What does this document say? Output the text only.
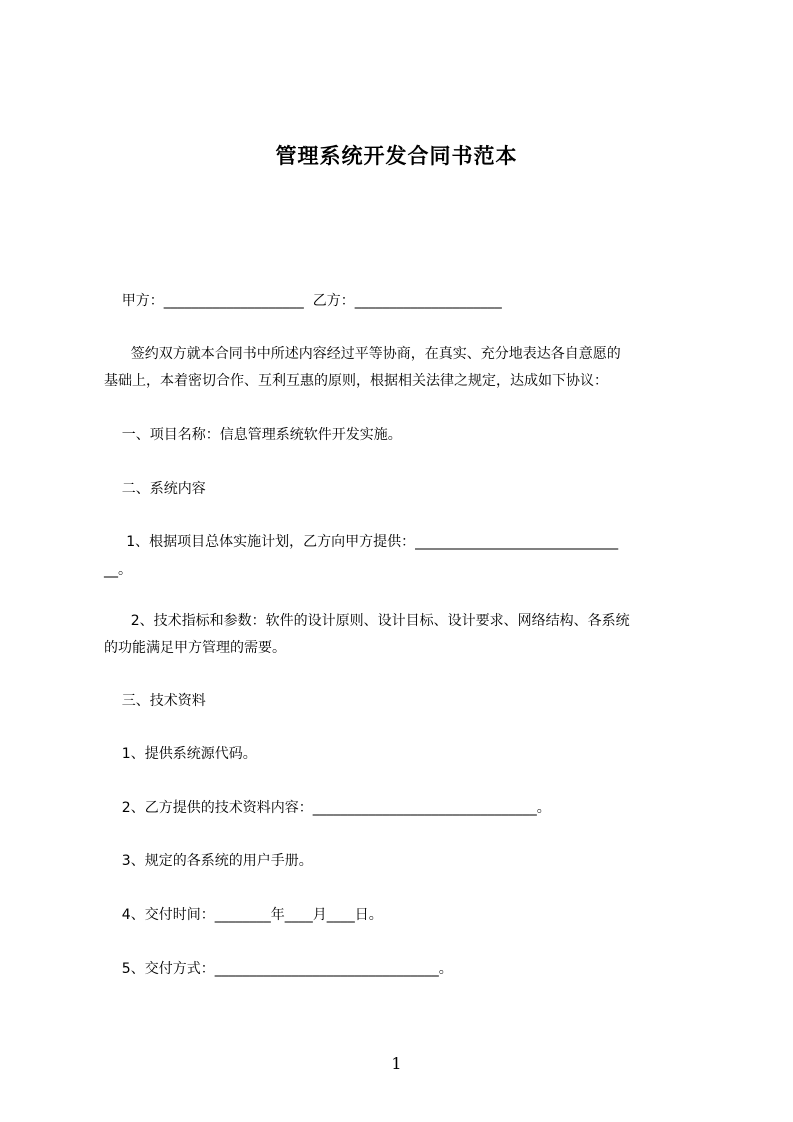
管理系统开发合同书范本
甲方：____________________  乙方：_____________________
签约双方就本合同书中所述内容经过平等协商，在真实、充分地表达各自意愿的
基础上，本着密切合作、互利互惠的原则，根据相关法律之规定，达成如下协议：
一、项目名称：信息管理系统软件开发实施。
二、系统内容
1、根据项目总体实施计划，乙方向甲方提供：_____________________________
__。
2、技术指标和参数：软件的设计原则、设计目标、设计要求、网络结构、各系统
的功能满足甲方管理的需要。
三、技术资料
1、提供系统源代码。
2、乙方提供的技术资料内容：________________________________。
3、规定的各系统的用户手册。
4、交付时间：________年____月____日。
5、交付方式：________________________________。
1
